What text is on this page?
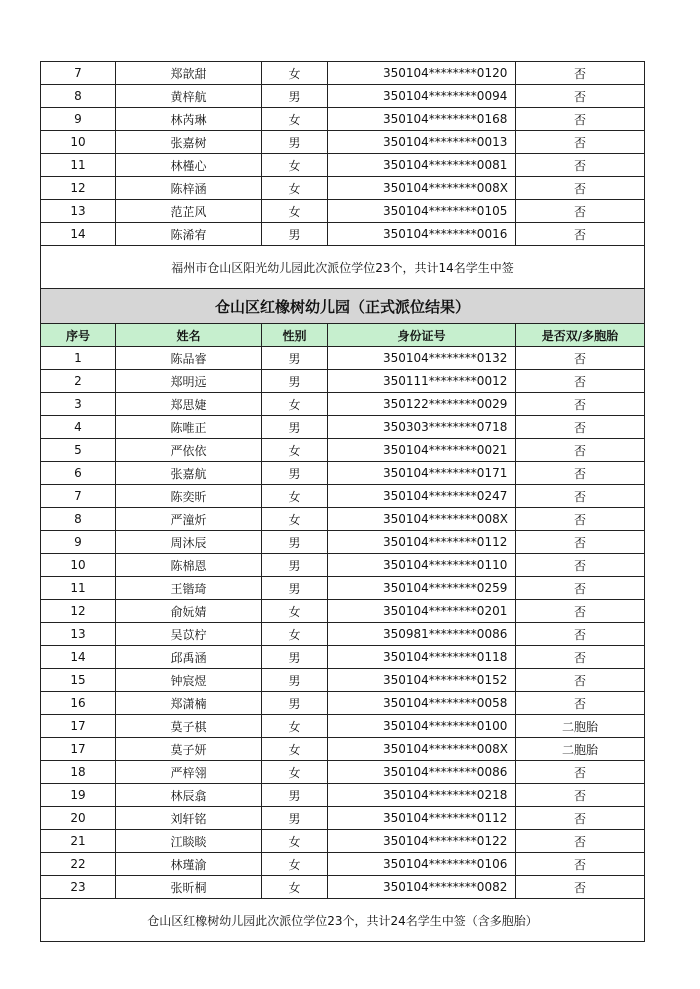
7	郑歆甜	女	350104********0120	否
8	黄梓航	男	350104********0094	否
9	林芮琳	女	350104********0168	否
10	张嘉树	男	350104********0013	否
11	林槿心	女	350104********0081	否
12	陈梓涵	女	350104********008X	否
13	范芷风	女	350104********0105	否
14	陈浠宥	男	350104********0016	否
福州市仓山区阳光幼儿园此次派位学位23个，共计14名学生中签				
仓山区红橡树幼儿园（正式派位结果）				
序号	姓名	性别	身份证号	是否双/多胞胎
1	陈品睿	男	350104********0132	否
2	郑明远	男	350111********0012	否
3	郑思婕	女	350122********0029	否
4	陈唯正	男	350303********0718	否
5	严依依	女	350104********0021	否
6	张嘉航	男	350104********0171	否
7	陈奕昕	女	350104********0247	否
8	严潼炘	女	350104********008X	否
9	周沐辰	男	350104********0112	否
10	陈棉恩	男	350104********0110	否
11	王锴琦	男	350104********0259	否
12	俞妧婧	女	350104********0201	否
13	吴苡柠	女	350981********0086	否
14	邱禹涵	男	350104********0118	否
15	钟宸煜	男	350104********0152	否
16	郑潇楠	男	350104********0058	否
17	莫子棋	女	350104********0100	二胞胎
17	莫子妍	女	350104********008X	二胞胎
18	严梓翎	女	350104********0086	否
19	林辰翕	男	350104********0218	否
20	刘轩铭	男	350104********0112	否
21	江睒睒	女	350104********0122	否
22	林瑾渝	女	350104********0106	否
23	张昕桐	女	350104********0082	否
仓山区红橡树幼儿园此次派位学位23个，共计24名学生中签（含多胞胎）				
